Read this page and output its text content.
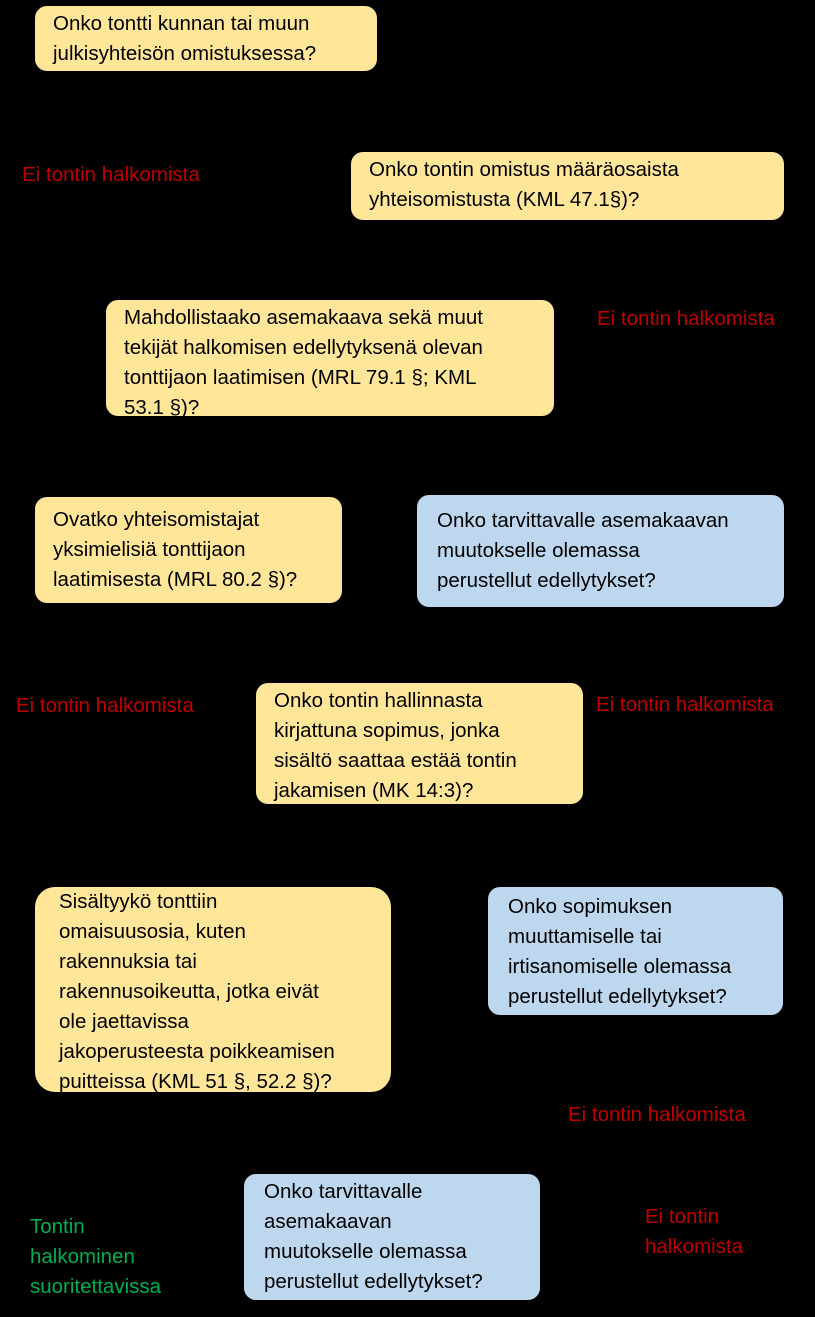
Onko tontti kunnan tai muun
julkisyhteisön omistuksessa?
Ei tontin halkomista	Onko tontin omistus määräosaista
yhteisomistusta (KML 47.1§)?
Mahdollistaako asemakaava sekä muut
tekijät halkomisen edellytyksenä olevan
tonttijaon laatimisen (MRL 79.1 §; KML
53.1 §)?
Ei tontin halkomista
Ovatko yhteisomistajat
yksimielisiä tonttijaon
laatimisesta (MRL 80.2 §)?
Onko tarvittavalle asemakaavan
muutokselle olemassa
perustellut edellytykset?
Ei tontin halkomista	Onko tontin hallinnasta
kirjattuna sopimus, jonka
sisältö saattaa estää tontin
jakamisen (MK 14:3)?
Ei tontin halkomista
Sisältyykö tonttiin
omaisuusosia, kuten
rakennuksia tai
rakennusoikeutta, jotka eivät
ole jaettavissa
jakoperusteesta poikkeamisen
puitteissa (KML 51 §, 52.2 §)?
Onko sopimuksen
muuttamiselle tai
irtisanomiselle olemassa
perustellut edellytykset?
Ei tontin halkomista
Tontin
halkominen
suoritettavissa
Onko tarvittavalle
asemakaavan
muutokselle olemassa
perustellut edellytykset?
Ei tontin
halkomista
